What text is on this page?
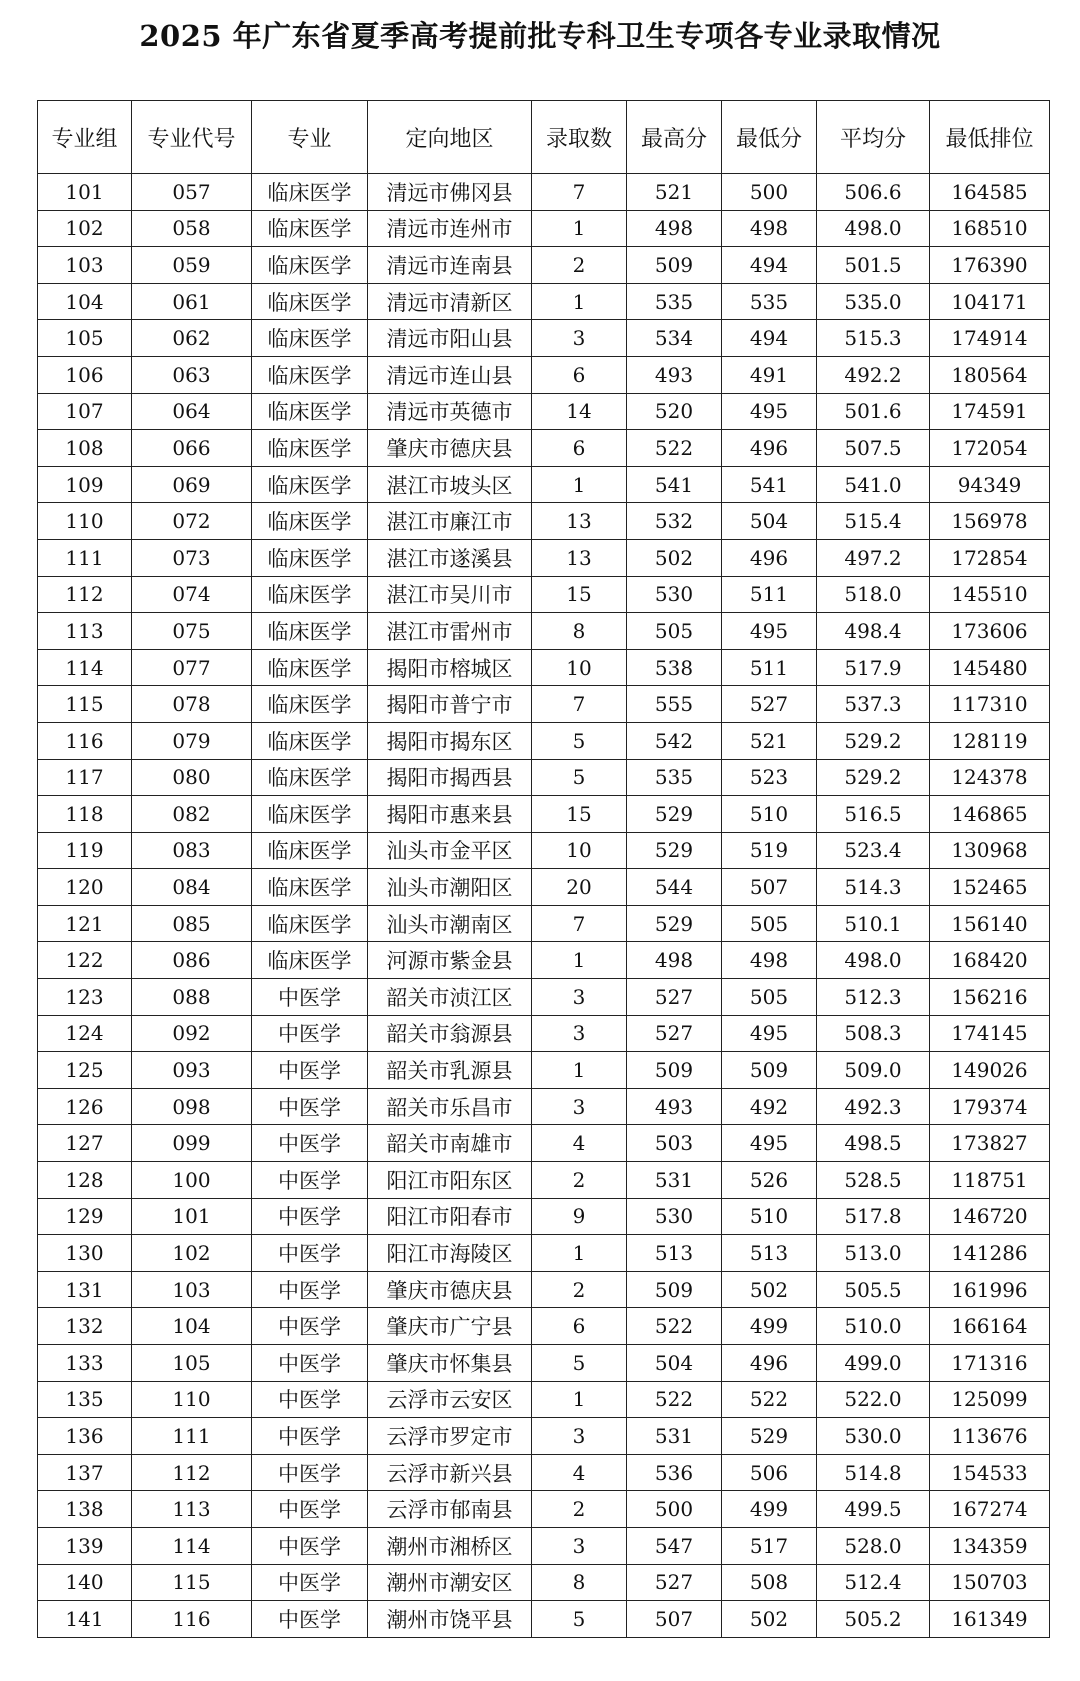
2025 年广东省夏季高考提前批专科卫生专项各专业录取情况
专业组	专业代号	专业	定向地区	录取数	最高分	最低分	平均分	最低排位
101	057	临床医学	清远市佛冈县	7	521	500	506.6	164585
102	058	临床医学	清远市连州市	1	498	498	498.0	168510
103	059	临床医学	清远市连南县	2	509	494	501.5	176390
104	061	临床医学	清远市清新区	1	535	535	535.0	104171
105	062	临床医学	清远市阳山县	3	534	494	515.3	174914
106	063	临床医学	清远市连山县	6	493	491	492.2	180564
107	064	临床医学	清远市英德市	14	520	495	501.6	174591
108	066	临床医学	肇庆市德庆县	6	522	496	507.5	172054
109	069	临床医学	湛江市坡头区	1	541	541	541.0	94349
110	072	临床医学	湛江市廉江市	13	532	504	515.4	156978
111	073	临床医学	湛江市遂溪县	13	502	496	497.2	172854
112	074	临床医学	湛江市吴川市	15	530	511	518.0	145510
113	075	临床医学	湛江市雷州市	8	505	495	498.4	173606
114	077	临床医学	揭阳市榕城区	10	538	511	517.9	145480
115	078	临床医学	揭阳市普宁市	7	555	527	537.3	117310
116	079	临床医学	揭阳市揭东区	5	542	521	529.2	128119
117	080	临床医学	揭阳市揭西县	5	535	523	529.2	124378
118	082	临床医学	揭阳市惠来县	15	529	510	516.5	146865
119	083	临床医学	汕头市金平区	10	529	519	523.4	130968
120	084	临床医学	汕头市潮阳区	20	544	507	514.3	152465
121	085	临床医学	汕头市潮南区	7	529	505	510.1	156140
122	086	临床医学	河源市紫金县	1	498	498	498.0	168420
123	088	中医学	韶关市浈江区	3	527	505	512.3	156216
124	092	中医学	韶关市翁源县	3	527	495	508.3	174145
125	093	中医学	韶关市乳源县	1	509	509	509.0	149026
126	098	中医学	韶关市乐昌市	3	493	492	492.3	179374
127	099	中医学	韶关市南雄市	4	503	495	498.5	173827
128	100	中医学	阳江市阳东区	2	531	526	528.5	118751
129	101	中医学	阳江市阳春市	9	530	510	517.8	146720
130	102	中医学	阳江市海陵区	1	513	513	513.0	141286
131	103	中医学	肇庆市德庆县	2	509	502	505.5	161996
132	104	中医学	肇庆市广宁县	6	522	499	510.0	166164
133	105	中医学	肇庆市怀集县	5	504	496	499.0	171316
135	110	中医学	云浮市云安区	1	522	522	522.0	125099
136	111	中医学	云浮市罗定市	3	531	529	530.0	113676
137	112	中医学	云浮市新兴县	4	536	506	514.8	154533
138	113	中医学	云浮市郁南县	2	500	499	499.5	167274
139	114	中医学	潮州市湘桥区	3	547	517	528.0	134359
140	115	中医学	潮州市潮安区	8	527	508	512.4	150703
141	116	中医学	潮州市饶平县	5	507	502	505.2	161349
